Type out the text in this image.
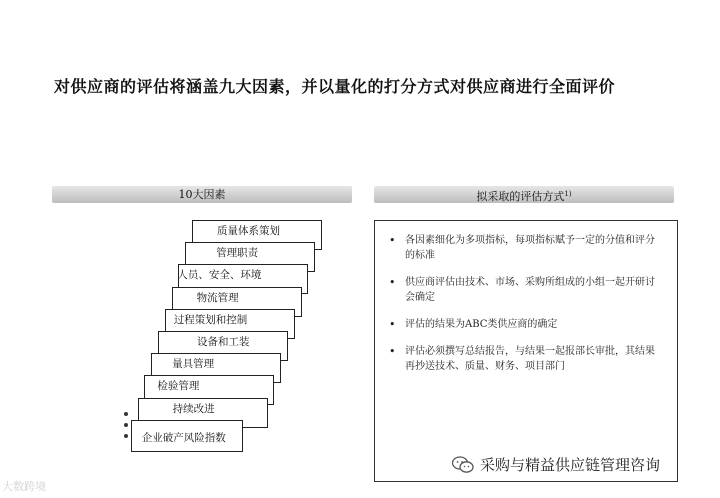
对供应商的评估将涵盖九大因素，并以量化的打分方式对供应商进行全面评价
10大因素	拟采取的评估方式$^{1)}$
质量体系策划
管理职责
人员、安全、环境
物流管理
过程策划和控制
设备和工装
量具管理
检验管理
持续改进
企业破产风险指数
• 各因素细化为多项指标，每项指标赋予一定的分值和评分的标准
• 供应商评估由技术、市场、采购所组成的小组一起开研讨会确定
• 评估的结果为ABC类供应商的确定
• 评估必须撰写总结报告，与结果一起报部长审批，其结果再抄送技术、质量、财务、项目部门
大数跨境
采购与精益供应链管理咨询
